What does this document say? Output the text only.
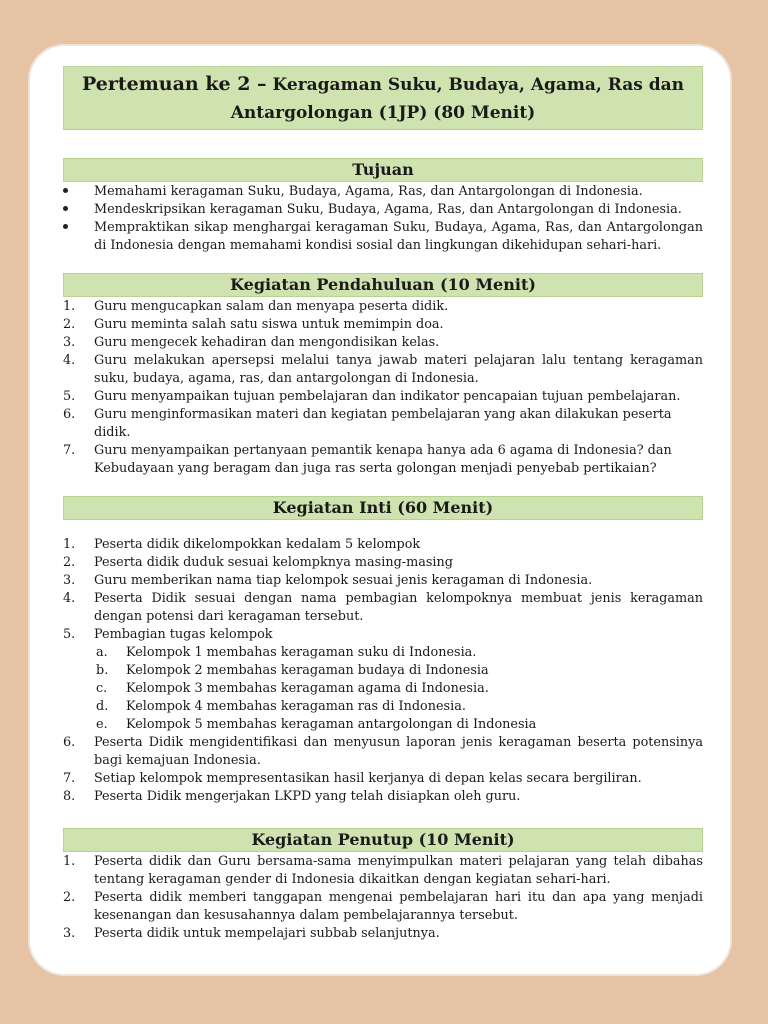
Pertemuan ke 2 – Keragaman Suku, Budaya, Agama, Ras dan
Antargolongan (1JP) (80 Menit)
Tujuan
Memahami keragaman Suku, Budaya, Agama, Ras, dan Antargolongan di Indonesia.
Mendeskripsikan keragaman Suku, Budaya, Agama, Ras, dan Antargolongan di Indonesia.
Mempraktikan sikap menghargai keragaman Suku, Budaya, Agama, Ras, dan Antargolongan di Indonesia dengan memahami kondisi sosial dan lingkungan dikehidupan sehari-hari.
Kegiatan Pendahuluan (10 Menit)
1.	Guru mengucapkan salam dan menyapa peserta didik.
2.	Guru meminta salah satu siswa untuk memimpin doa.
3.	Guru mengecek kehadiran dan mengondisikan kelas.
4.	Guru melakukan apersepsi melalui tanya jawab materi pelajaran lalu tentang keragaman suku, budaya, agama, ras, dan antargolongan di Indonesia.
5.	Guru menyampaikan tujuan pembelajaran dan indikator pencapaian tujuan pembelajaran.
6.	Guru menginformasikan materi dan kegiatan pembelajaran yang akan dilakukan peserta didik.
7.	Guru menyampaikan pertanyaan pemantik kenapa hanya ada 6 agama di Indonesia? dan Kebudayaan yang beragam dan juga ras serta golongan menjadi penyebab pertikaian?
Kegiatan Inti (60 Menit)
1.	Peserta didik dikelompokkan kedalam 5 kelompok
2.	Peserta didik duduk sesuai kelompknya masing-masing
3.	Guru memberikan nama tiap kelompok sesuai jenis keragaman di Indonesia.
4.	Peserta Didik sesuai dengan nama pembagian kelompoknya membuat jenis keragaman dengan potensi dari keragaman tersebut.
5.	Pembagian tugas kelompok
a.	Kelompok 1 membahas keragaman suku di Indonesia.
b.	Kelompok 2 membahas keragaman budaya di Indonesia
c.	Kelompok 3 membahas keragaman agama di Indonesia.
d.	Kelompok 4 membahas keragaman ras di Indonesia.
e.	Kelompok 5 membahas keragaman antargolongan di Indonesia
6.	Peserta Didik mengidentifikasi dan menyusun laporan jenis keragaman beserta potensinya bagi kemajuan Indonesia.
7.	Setiap kelompok mempresentasikan hasil kerjanya di depan kelas secara bergiliran.
8.	Peserta Didik mengerjakan LKPD yang telah disiapkan oleh guru.
Kegiatan Penutup (10 Menit)
1.	Peserta didik dan Guru bersama-sama menyimpulkan materi pelajaran yang telah dibahas tentang keragaman gender di Indonesia dikaitkan dengan kegiatan sehari-hari.
2.	Peserta didik memberi tanggapan mengenai pembelajaran hari itu dan apa yang menjadi kesenangan dan kesusahannya dalam pembelajarannya tersebut.
3.	Peserta didik untuk mempelajari subbab selanjutnya.
